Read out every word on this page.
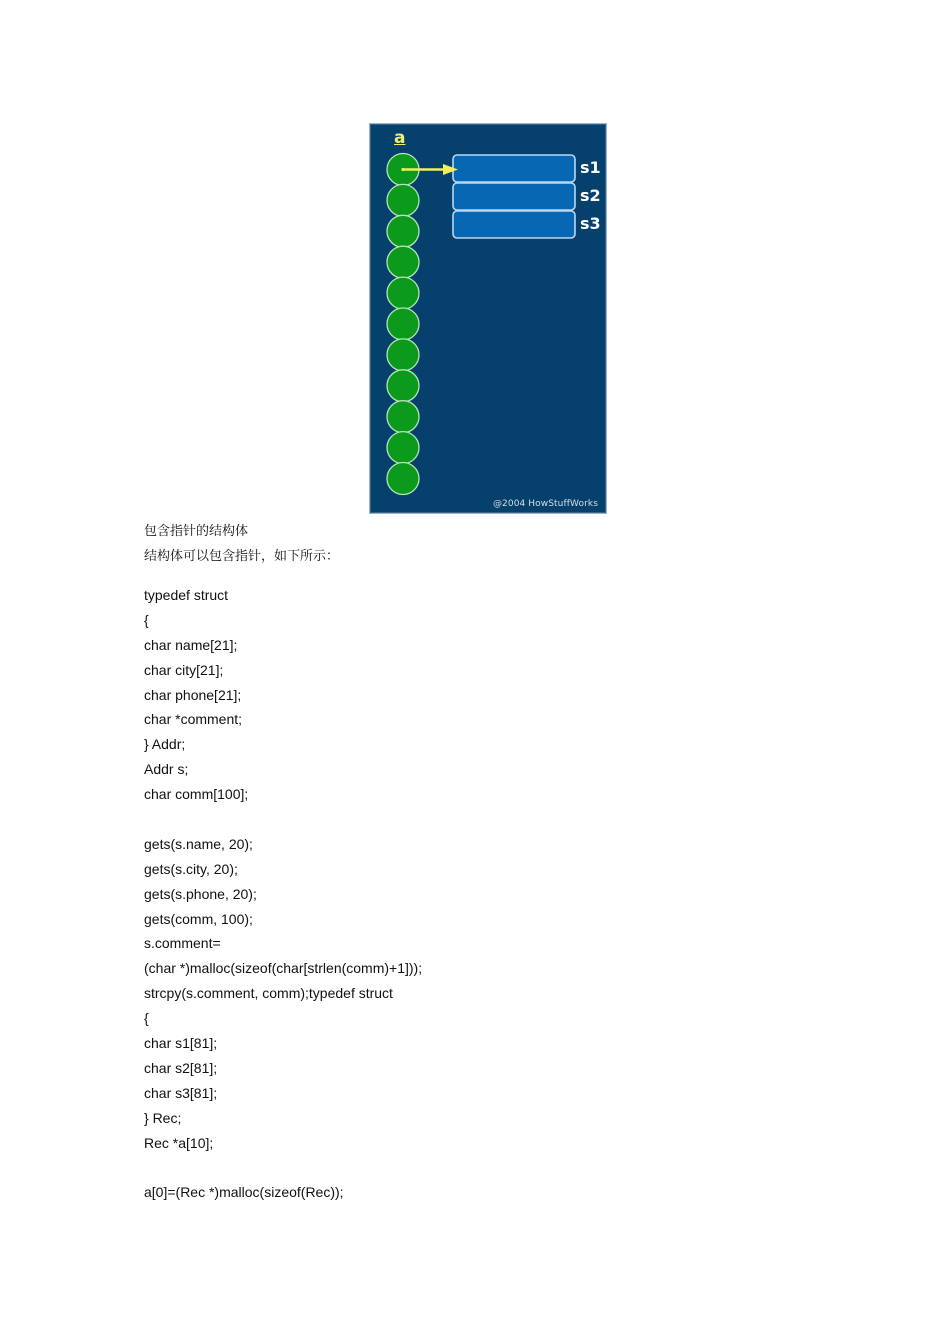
a
s1
s2
s3
@2004 HowStuffWorks

包含指针的结构体

结构体可以包含指针，如下所示：

typedef struct
{
char name[21];
char city[21];
char phone[21];
char *comment;
} Addr;
Addr s;
char comm[100];
gets(s.name, 20);
gets(s.city, 20);
gets(s.phone, 20);
gets(comm, 100);
s.comment=
(char *)malloc(sizeof(char[strlen(comm)+1]));
strcpy(s.comment, comm);typedef struct
{
char s1[81];
char s2[81];
char s3[81];
} Rec;
Rec *a[10];
a[0]=(Rec *)malloc(sizeof(Rec));
